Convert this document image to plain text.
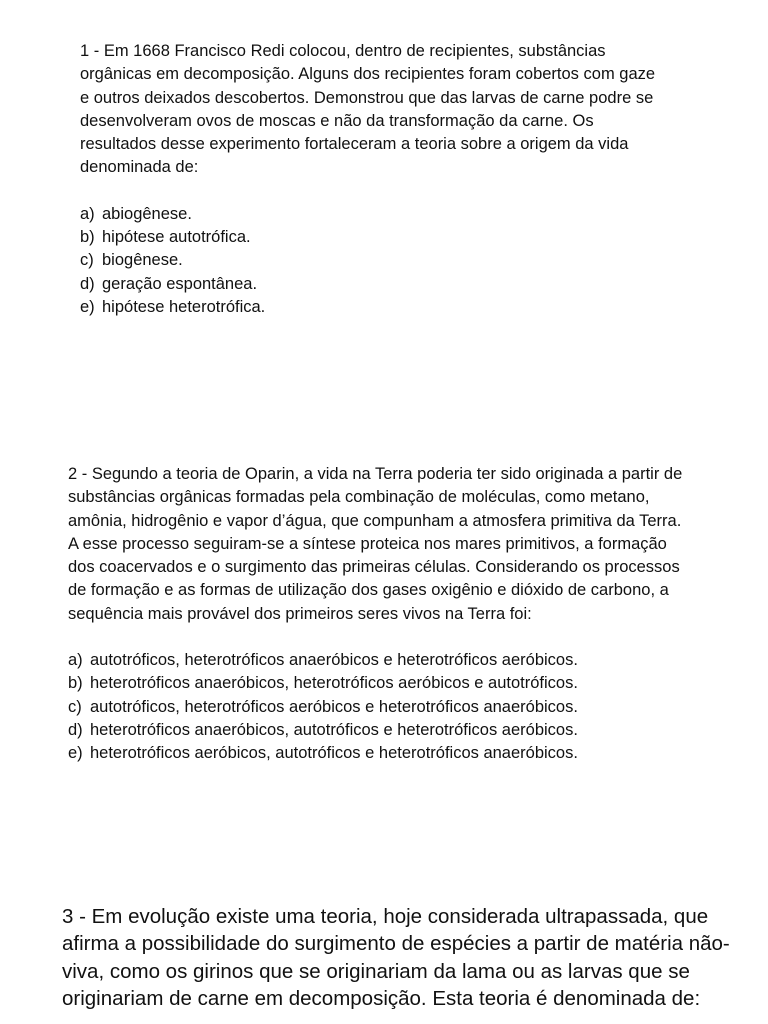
1 - Em 1668 Francisco Redi colocou, dentro de recipientes, substâncias
orgânicas em decomposição. Alguns dos recipientes foram cobertos com gaze
e outros deixados descobertos. Demonstrou que das larvas de carne podre se
desenvolveram ovos de moscas e não da transformação da carne. Os
resultados desse experimento fortaleceram a teoria sobre a origem da vida
denominada de:

a) abiogênese.
b) hipótese autotrófica.
c) biogênese.
d) geração espontânea.
e) hipótese heterotrófica.

2 - Segundo a teoria de Oparin, a vida na Terra poderia ter sido originada a partir de
substâncias orgânicas formadas pela combinação de moléculas, como metano,
amônia, hidrogênio e vapor d’água, que compunham a atmosfera primitiva da Terra.
A esse processo seguiram-se a síntese proteica nos mares primitivos, a formação
dos coacervados e o surgimento das primeiras células. Considerando os processos
de formação e as formas de utilização dos gases oxigênio e dióxido de carbono, a
sequência mais provável dos primeiros seres vivos na Terra foi:

a) autotróficos, heterotróficos anaeróbicos e heterotróficos aeróbicos.
b) heterotróficos anaeróbicos, heterotróficos aeróbicos e autotróficos.
c) autotróficos, heterotróficos aeróbicos e heterotróficos anaeróbicos.
d) heterotróficos anaeróbicos, autotróficos e heterotróficos aeróbicos.
e) heterotróficos aeróbicos, autotróficos e heterotróficos anaeróbicos.

3 - Em evolução existe uma teoria, hoje considerada ultrapassada, que
afirma a possibilidade do surgimento de espécies a partir de matéria não-
viva, como os girinos que se originariam da lama ou as larvas que se
originariam de carne em decomposição. Esta teoria é denominada de:
